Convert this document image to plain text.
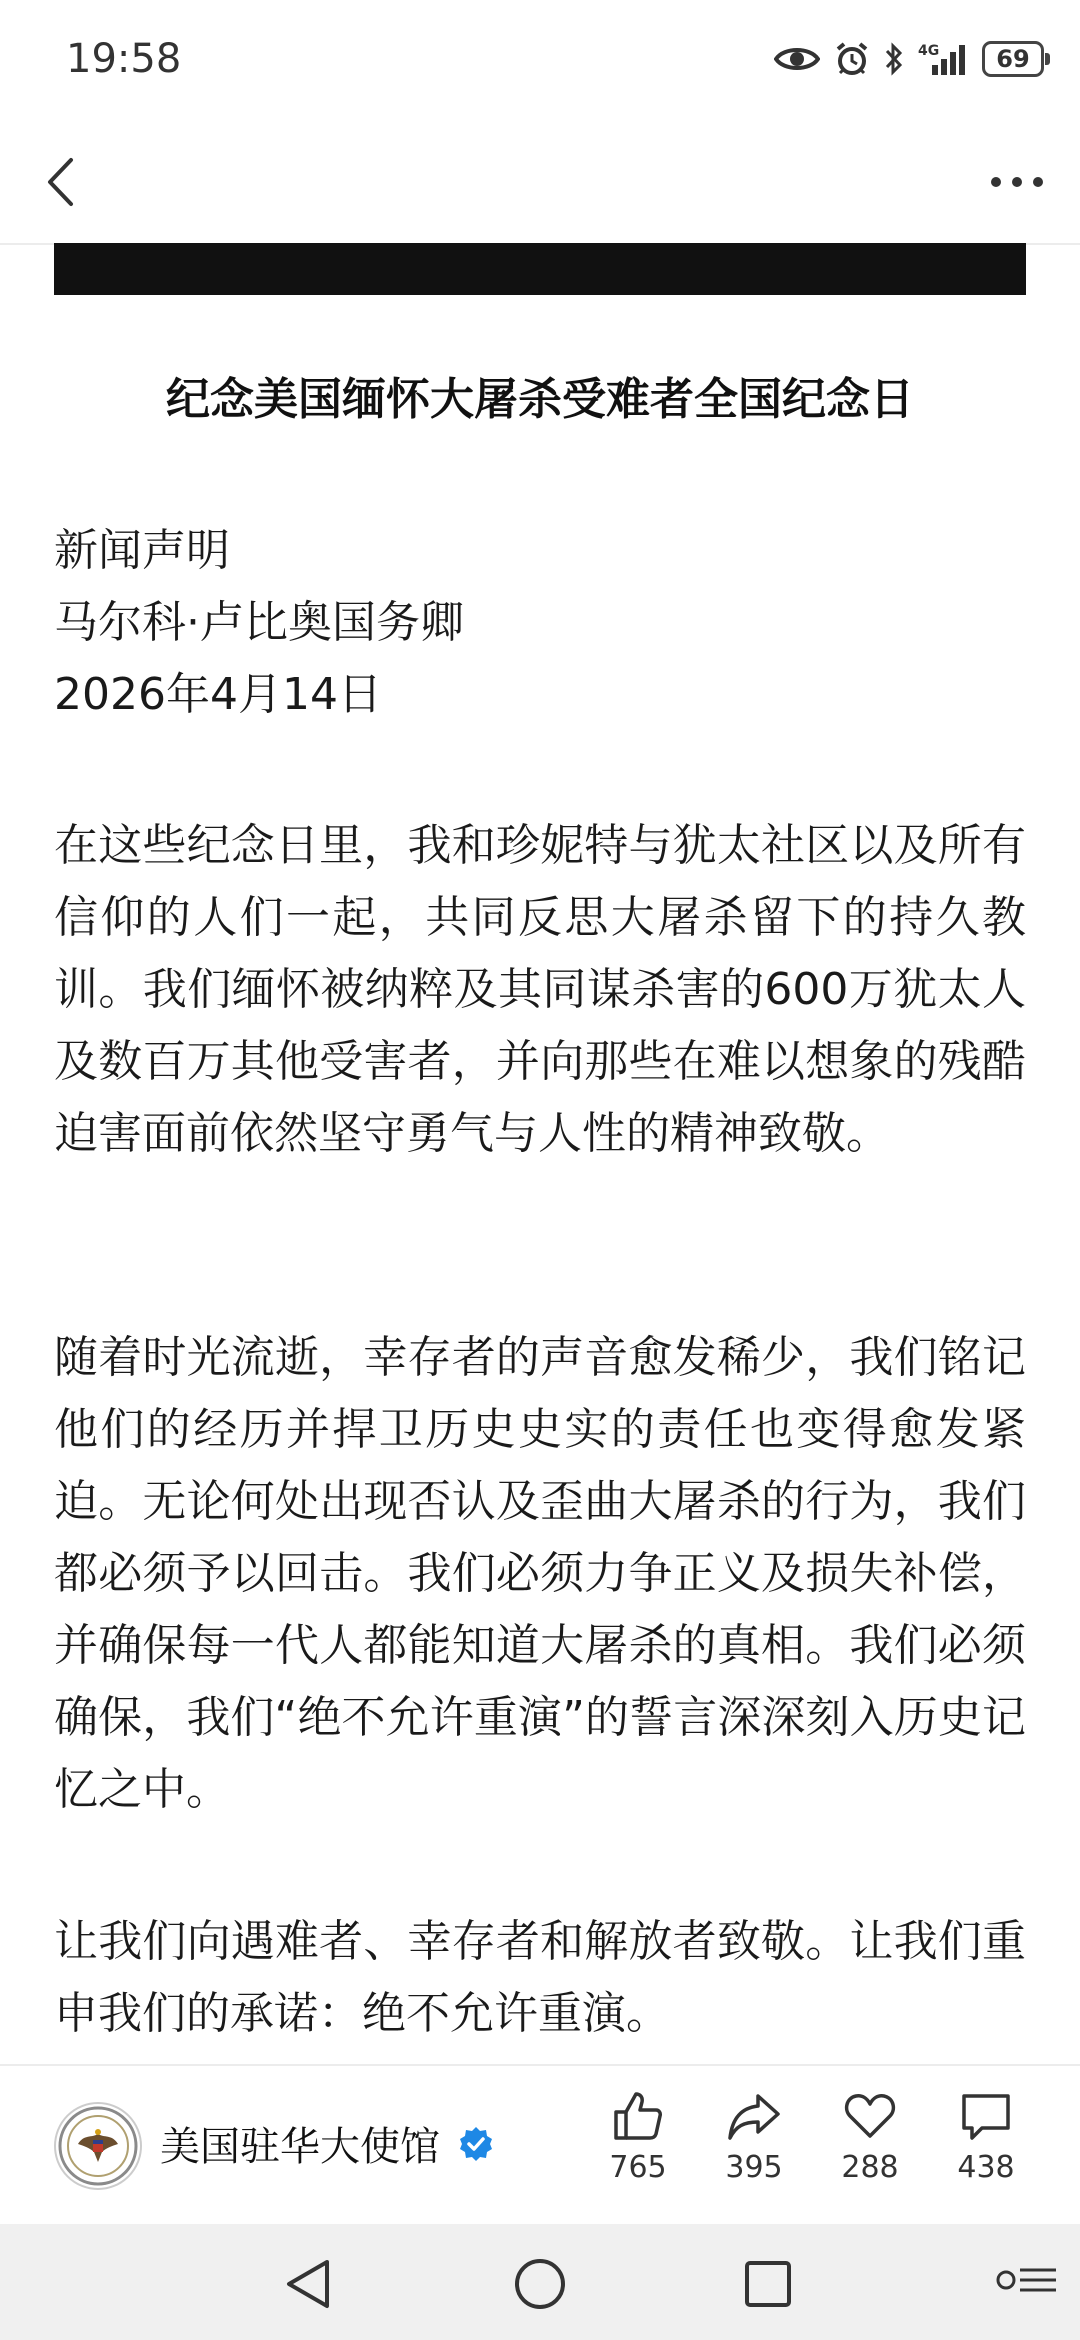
19:58	4G 69
纪念美国缅怀大屠杀受难者全国纪念日
新闻声明
马尔科·卢比奥国务卿
2026年4月14日
在这些纪念日里，我和珍妮特与犹太社区以及所有信仰的人们一起，共同反思大屠杀留下的持久教训。我们缅怀被纳粹及其同谋杀害的600万犹太人及数百万其他受害者，并向那些在难以想象的残酷迫害面前依然坚守勇气与人性的精神致敬。
随着时光流逝，幸存者的声音愈发稀少，我们铭记他们的经历并捍卫历史史实的责任也变得愈发紧迫。无论何处出现否认及歪曲大屠杀的行为，我们都必须予以回击。我们必须力争正义及损失补偿，并确保每一代人都能知道大屠杀的真相。我们必须确保，我们“绝不允许重演”的誓言深深刻入历史记忆之中。
让我们向遇难者、幸存者和解放者致敬。让我们重申我们的承诺：绝不允许重演。
美国驻华大使馆	765 395 288 438
